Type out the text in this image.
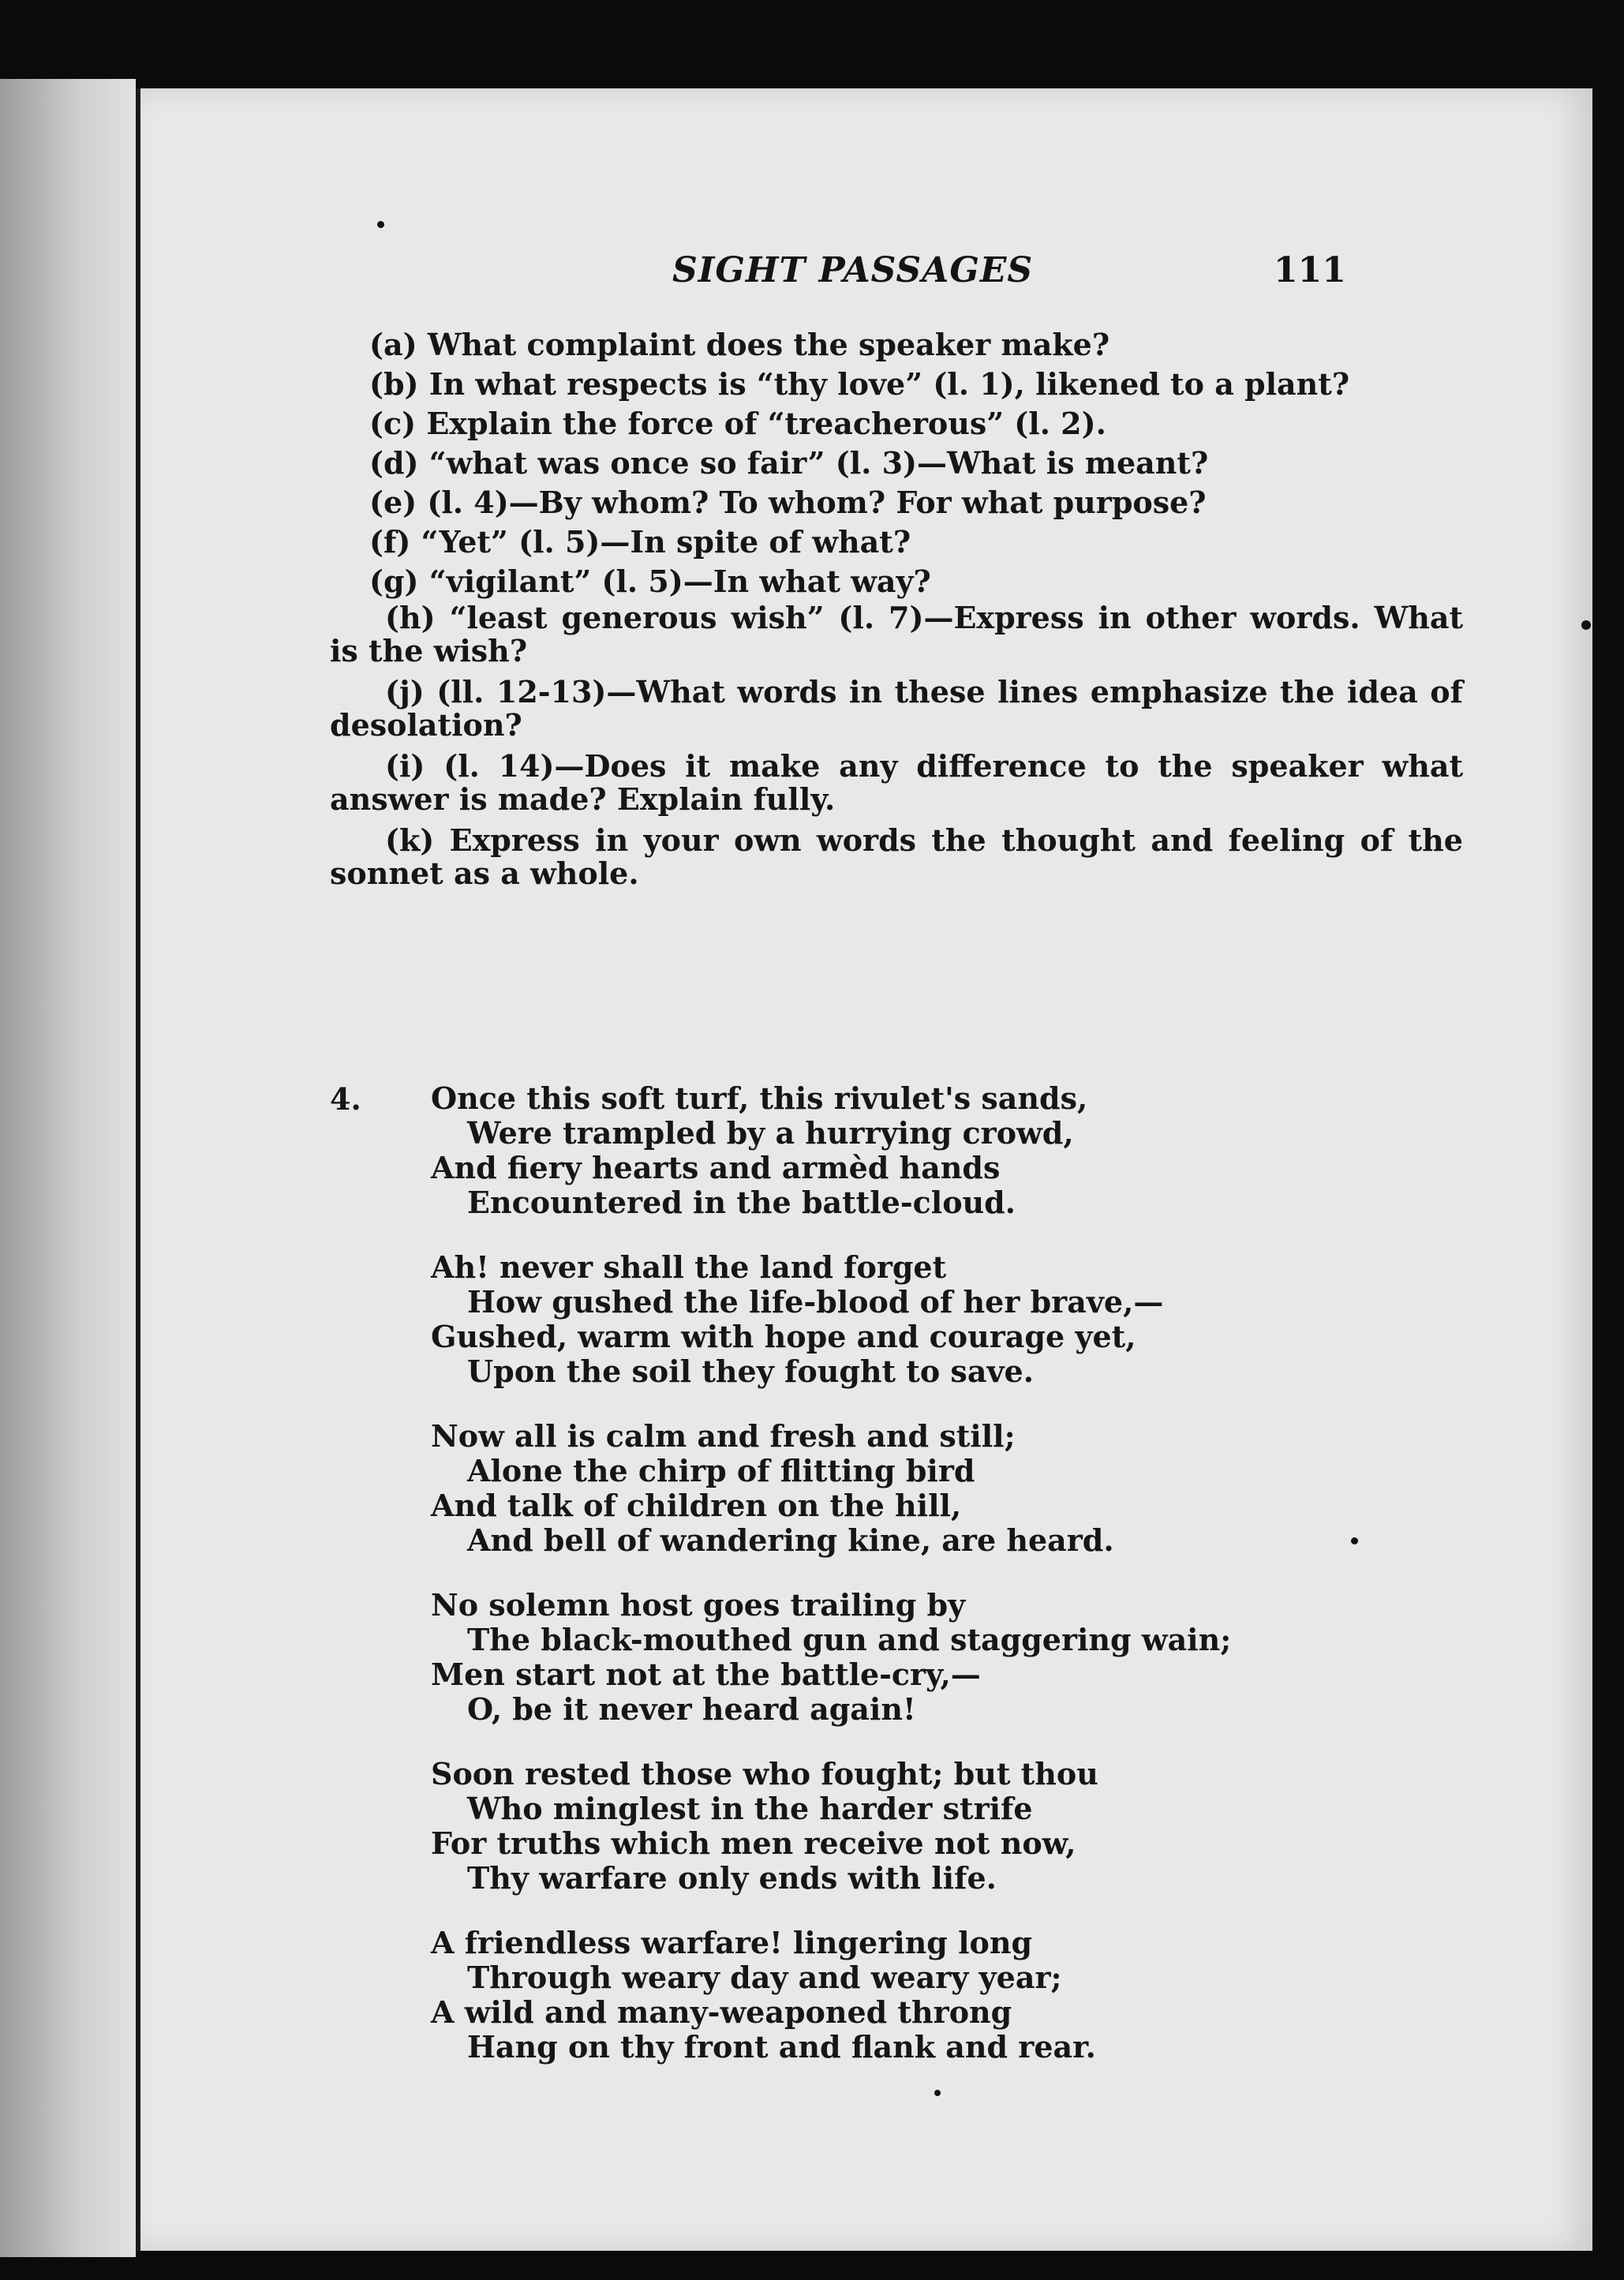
SIGHT PASSAGES	111
(a) What complaint does the speaker make?
(b) In what respects is “thy love” (l. 1), likened to a plant?
(c) Explain the force of “treacherous” (l. 2).
(d) “what was once so fair” (l. 3)—What is meant?
(e) (l. 4)—By whom? To whom? For what purpose?
(f) “Yet” (l. 5)—In spite of what?
(g) “vigilant” (l. 5)—In what way?
(h) “least generous wish” (l. 7)—Express in other words. What is the wish?
(j) (ll. 12-13)—What words in these lines emphasize the idea of desolation?
(i) (l. 14)—Does it make any difference to the speaker what answer is made? Explain fully.
(k) Express in your own words the thought and feeling of the sonnet as a whole.
4. Once this soft turf, this rivulet's sands,
Were trampled by a hurrying crowd,
And fiery hearts and armèd hands
Encountered in the battle-cloud.
Ah! never shall the land forget
How gushed the life-blood of her brave,—
Gushed, warm with hope and courage yet,
Upon the soil they fought to save.
Now all is calm and fresh and still;
Alone the chirp of flitting bird
And talk of children on the hill,
And bell of wandering kine, are heard.
No solemn host goes trailing by
The black-mouthed gun and staggering wain;
Men start not at the battle-cry,—
O, be it never heard again!
Soon rested those who fought; but thou
Who minglest in the harder strife
For truths which men receive not now,
Thy warfare only ends with life.
A friendless warfare! lingering long
Through weary day and weary year;
A wild and many-weaponed throng
Hang on thy front and flank and rear.
